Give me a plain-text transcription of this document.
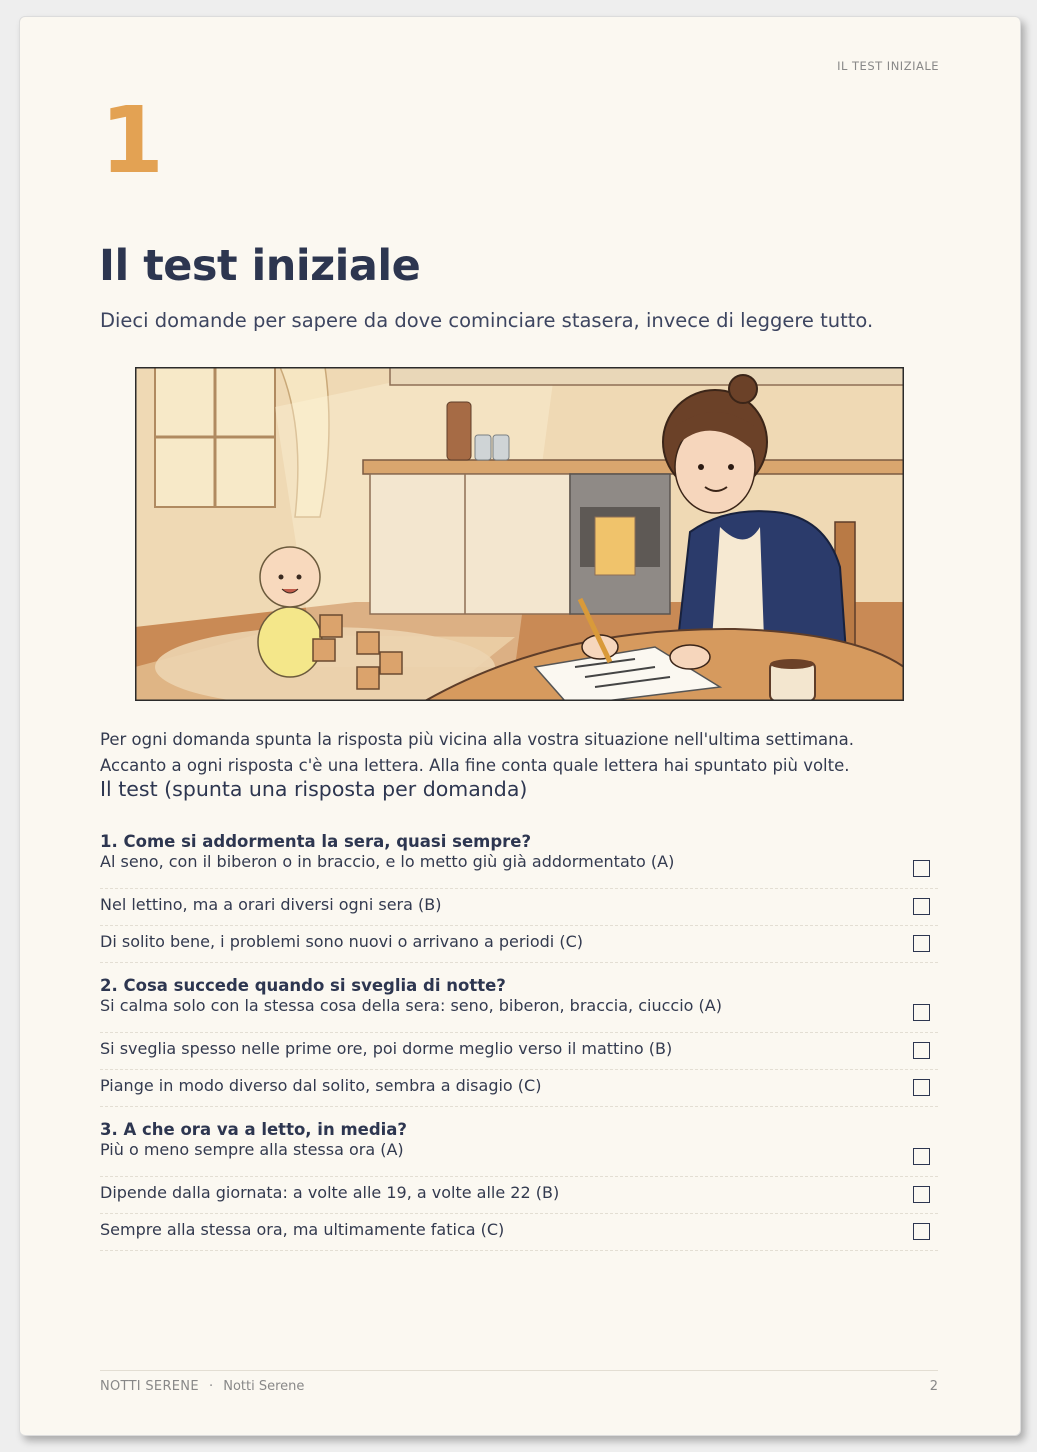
IL TEST INIZIALE
1
Il test iniziale

Dieci domande per sapere da dove cominciare stasera, invece di leggere tutto.

Per ogni domanda spunta la risposta più vicina alla vostra situazione nell'ultima settimana.

Accanto a ogni risposta c'è una lettera. Alla fine conta quale lettera hai spuntato più volte.

Il test (spunta una risposta per domanda)
1. Come si addormenta la sera, quasi sempre?
Al seno, con il biberon o in braccio, e lo metto giù già addormentato (A)
Nel lettino, ma a orari diversi ogni sera (B)
Di solito bene, i problemi sono nuovi o arrivano a periodi (C)
2. Cosa succede quando si sveglia di notte?
Si calma solo con la stessa cosa della sera: seno, biberon, braccia, ciuccio (A)
Si sveglia spesso nelle prime ore, poi dorme meglio verso il mattino (B)
Piange in modo diverso dal solito, sembra a disagio (C)
3. A che ora va a letto, in media?
Più o meno sempre alla stessa ora (A)
Dipende dalla giornata: a volte alle 19, a volte alle 22 (B)
Sempre alla stessa ora, ma ultimamente fatica (C)
NOTTI SERENE · Notti Serene	2
